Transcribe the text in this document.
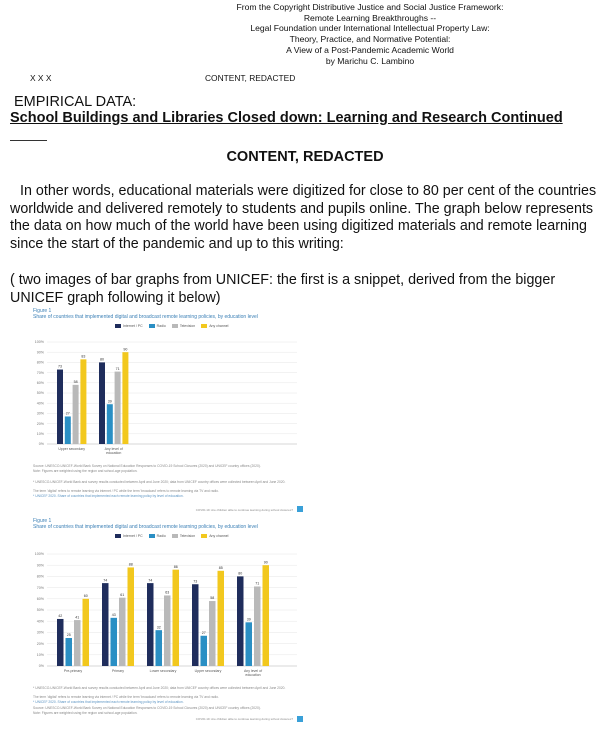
From the Copyright Distributive Justice and Social Justice Framework:
Remote Learning Breakthroughs --
Legal Foundation under International Intellectual Property Law:
Theory, Practice, and Normative Potential:
A View of a Post-Pandemic Academic World
by Marichu C. Lambino
X X X	CONTENT, REDACTED
EMPIRICAL DATA:
School Buildings and Libraries Closed down: Learning and Research Continued
CONTENT, REDACTED
In other words, educational materials were digitized for close to 80 per cent of the countries worldwide and delivered remotely to students and pupils online. The graph below represents the data on how much of the world have been using digitized materials and remote learning since the start of the pandemic and up to this writing:
( two images of bar graphs from UNICEF: the first is a snippet, derived from the bigger UNICEF graph following it below)
Figure 1
Share of countries that implemented digital and broadcast remote learning policies, by education level
Internet / PC	Radio	Television	Any channel
0%
10%
20%
30%
40%
50%
60%
70%
80%
90%
100%
73
27
58
83
Upper secondary
80
39
71
90
Any level of
education
Source: UNESCO-UNICEF-World Bank Survey on National Education Responses to COVID-19 School Closures (2020) and UNICEF country offices (2020).
Note: Figures are weighted using the region and school-age population.
* UNESCO-UNICEF-World Bank and survey results conducted between April and June 2020; data from UNICEF country offices were collected between April and June 2020.
The term 'digital' refers to remote learning via internet / PC while the term 'broadcast' refers to remote learning via TV and radio.
* UNICEF 2020. Share of countries that implemented each remote learning policy by level of education.
COVID-19: Are children able to continue learning during school closures?
Figure 1
Share of countries that implemented digital and broadcast remote learning policies, by education level
Internet / PC	Radio	Television	Any channel
0%
10%
20%
30%
40%
50%
60%
70%
80%
90%
100%
42
25
41
60
Pre-primary
74
43
61
88
Primary
74
32
63
86
Lower secondary
73
27
58
85
Upper secondary
80
39
71
90
Any level of
education
* UNESCO-UNICEF-World Bank and survey results conducted between April and June 2020; data from UNICEF country offices were collected between April and June 2020.
The term 'digital' refers to remote learning via internet / PC while the term 'broadcast' refers to remote learning via TV and radio.
* UNICEF 2020. Share of countries that implemented each remote learning policy by level of education.
Source: UNESCO-UNICEF-World Bank Survey on National Education Responses to COVID-19 School Closures (2020) and UNICEF country offices (2020).
Note: Figures are weighted using the region and school-age population.
COVID-19: Are children able to continue learning during school closures?
